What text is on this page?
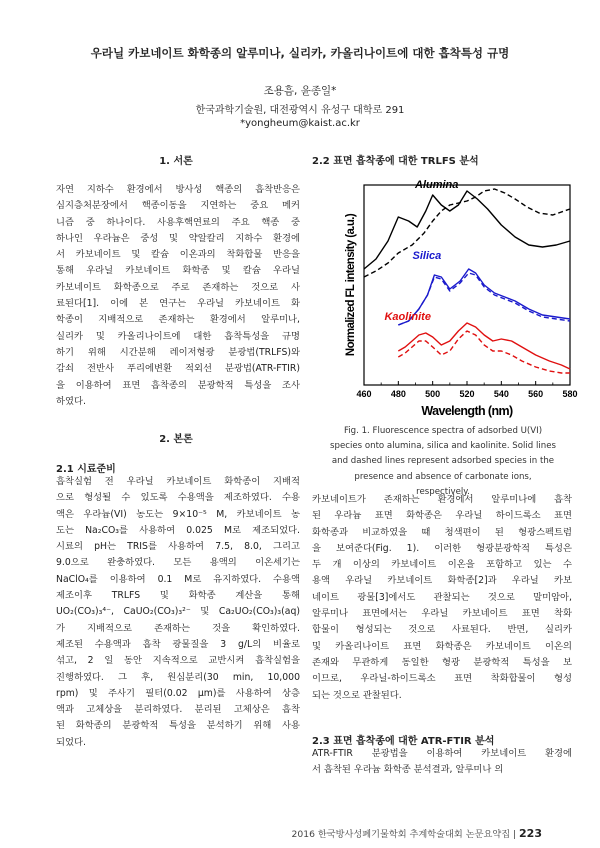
우라닐 카보네이트 화학종의 알루미나, 실리카, 카올리나이트에 대한 흡착특성 규명
조용흠, 윤종일*
한국과학기술원, 대전광역시 유성구 대학로 291
*yongheum@kaist.ac.kr
1. 서론

자연 지하수 환경에서 방사성 핵종의 흡착반응은

심지층처분장에서 핵종이동을 지연하는 중요 메커

니즘 중 하나이다. 사용후핵연료의 주요 핵종 중

하나인 우라늄은 중성 및 약알칼리 지하수 환경에

서 카보네이트 및 칼슘 이온과의 착화합물 반응을

통해 우라닐 카보네이트 화학종 및 칼슘 우라닐

카보네이트 화학종으로 주로 존재하는 것으로 사

료된다[1]. 이에 본 연구는 우라닐 카보네이트 화

학종이 지배적으로 존재하는 환경에서 알루미나,

실리카 및 카올리나이트에 대한 흡착특성을 규명

하기 위해 시간분해 레이저형광 분광법(TRLFS)와

감쇠 전반사 푸리에변환 적외선 분광법(ATR-FTIR)

을 이용하여 표면 흡착종의 분광학적 특성을 조사

하였다.

2. 본론
2.1 시료준비

흡착실험 전 우라닐 카보네이트 화학종이 지배적

으로 형성될 수 있도록 수용액을 제조하였다. 수용

액은 우라늄(VI) 농도는 9×10⁻⁵ M, 카보네이트 농

도는 Na₂CO₃를 사용하여 0.025 M로 제조되었다.

시료의 pH는 TRIS를 사용하여 7.5, 8.0, 그리고

9.0으로 완충하였다. 모든 용액의 이온세기는

NaClO₄를 이용하여 0.1 M로 유지하였다. 수용액

제조이후 TRLFS 및 화학종 계산을 통해

UO₂(CO₃)₃⁴⁻, CaUO₂(CO₃)₃²⁻ 및 Ca₂UO₂(CO₃)₃(aq)

가 지배적으로 존재하는 것을 확인하였다.

제조된 수용액과 흡착 광물질을 3 g/L의 비율로

섞고, 2 일 동안 지속적으로 교반시켜 흡착실험을

진행하였다. 그 후, 원심분리(30 min, 10,000

rpm) 및 주사기 필터(0.02 μm)를 사용하여 상층

액과 고체상을 분리하였다. 분리된 고체상은 흡착

된 화학종의 분광학적 특성을 분석하기 위해 사용

되었다.

2.2 표면 흡착종에 대한 TRLFS 분석
460 480 500 520 540 560 580
Wavelength (nm)
Normalized FL intensity (a.u.)
Alumina
Silica
Kaolinite
Fig. 1. Fluorescence spectra of adsorbed U(VI)
species onto alumina, silica and kaolinite. Solid lines
and dashed lines represent adsorbed species in the
presence and absence of carbonate ions,
respectively.

카보네이트가 존재하는 환경에서 알루미나에 흡착

된 우라늄 표면 화학종은 우라닐 하이드록소 표면

화학종과 비교하였을 때 청색편이 된 형광스펙트럼

을 보여준다(Fig. 1). 이러한 형광분광학적 특성은

두 개 이상의 카보네이트 이온을 포함하고 있는 수

용액 우라닐 카보네이트 화학종[2]과 우라닐 카보

네이트 광물[3]에서도 관찰되는 것으로 말미암아,

알루미나 표면에서는 우라닐 카보네이트 표면 착화

합물이 형성되는 것으로 사료된다. 반면, 실리카

및 카올리나이트 표면 화학종은 카보네이트 이온의

존재와 무관하게 동일한 형광 분광학적 특성을 보

이므로, 우라닐-하이드록소 표면 착화합물이 형성

되는 것으로 관찰된다.

2.3 표면 흡착종에 대한 ATR-FTIR 분석

ATR-FTIR 분광법을 이용하여 카보네이트 환경에

서 흡착된 우라늄 화학종 분석결과, 알루미나 의

2016 한국방사성폐기물학회 추계학술대회 논문요약집 | 223
